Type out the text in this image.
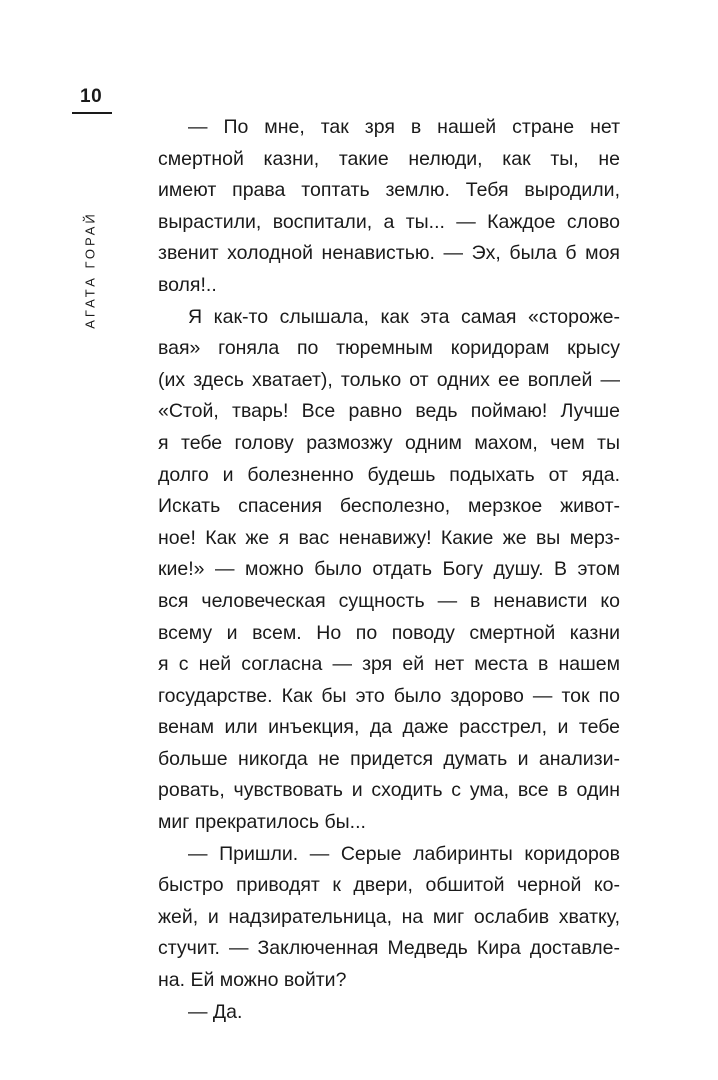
10
АГАТА ГОРАЙ
— По мне, так зря в нашей стране нет
смертной казни, такие нелюди, как ты, не
имеют права топтать землю. Тебя выродили,
вырастили, воспитали, а ты... — Каждое слово
звенит холодной ненавистью. — Эх, была б моя
воля!..
Я как-то слышала, как эта самая «стороже-
вая» гоняла по тюремным коридорам крысу
(их здесь хватает), только от одних ее воплей —
«Стой, тварь! Все равно ведь поймаю! Лучше
я тебе голову размозжу одним махом, чем ты
долго и болезненно будешь подыхать от яда.
Искать спасения бесполезно, мерзкое живот-
ное! Как же я вас ненавижу! Какие же вы мерз-
кие!» — можно было отдать Богу душу. В этом
вся человеческая сущность — в ненависти ко
всему и всем. Но по поводу смертной казни
я с ней согласна — зря ей нет места в нашем
государстве. Как бы это было здорово — ток по
венам или инъекция, да даже расстрел, и тебе
больше никогда не придется думать и анализи-
ровать, чувствовать и сходить с ума, все в один
миг прекратилось бы...
— Пришли. — Серые лабиринты коридоров
быстро приводят к двери, обшитой черной ко-
жей, и надзирательница, на миг ослабив хватку,
стучит. — Заключенная Медведь Кира доставле-
на. Ей можно войти?
— Да.
